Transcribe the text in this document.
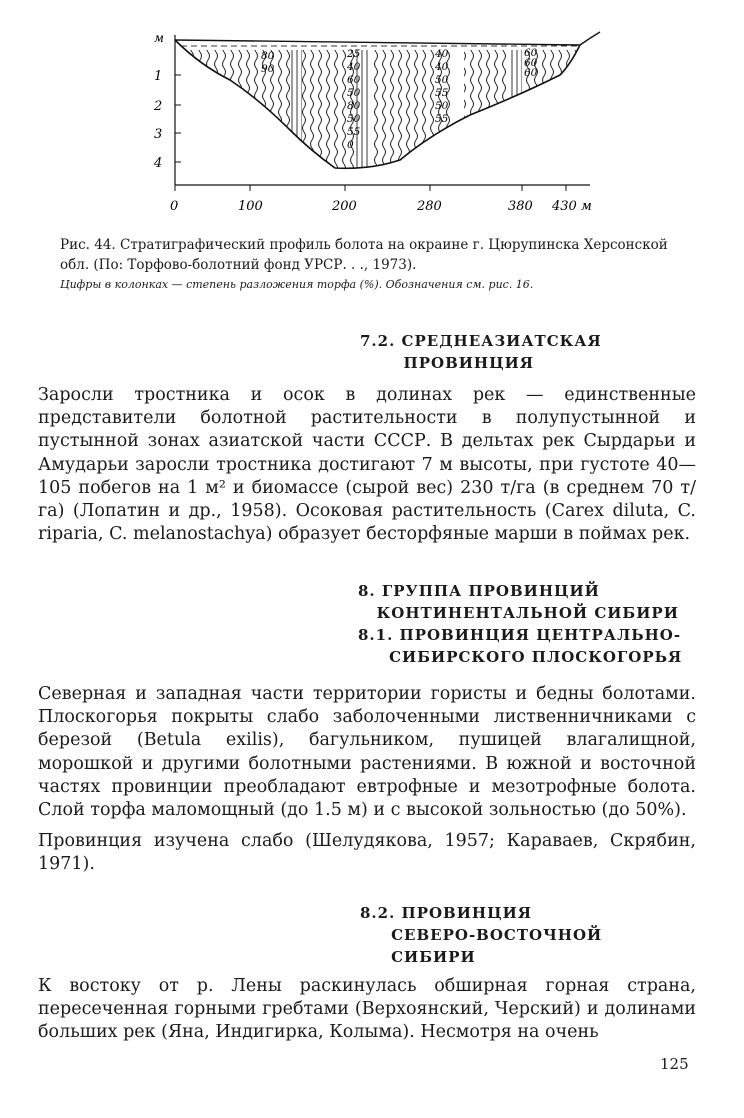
м
1
2
3
4
0	100	200	280	380 430 м
80
90
25
40
60
50
80
50
55
0
40
40
50
55
50
55
60
60
60
Рис. 44. Стратиграфический профиль болота на окраине г. Цюрупинска Херсонской обл. (По: Торфово-болотний фонд УРСР. . ., 1973).
Цифры в колонках — степень разложения торфа (%). Обозначения см. рис. 16.
7.2. СРЕДНЕАЗИАТСКАЯ
ПРОВИНЦИЯ
Заросли тростника и осок в долинах рек — единственные представители болотной растительности в полупустынной и пустынной зонах азиатской части СССР. В дельтах рек Сырдарьи и Амударьи заросли тростника достигают 7 м высоты, при густоте 40—105 побегов на 1 м² и биомассе (сырой вес) 230 т/га (в среднем 70 т/га) (Лопатин и др., 1958). Осоковая растительность (Carex diluta, C. riparia, C. melanostachya) образует бесторфяные марши в поймах рек.
8. ГРУППА ПРОВИНЦИЙ
КОНТИНЕНТАЛЬНОЙ СИБИРИ
8.1. ПРОВИНЦИЯ ЦЕНТРАЛЬНО-
СИБИРСКОГО ПЛОСКОГОРЬЯ
Северная и западная части территории гористы и бедны болотами. Плоскогорья покрыты слабо заболоченными лиственничниками с березой (Betula exilis), багульником, пушицей влагалищной, морошкой и другими болотными растениями. В южной и восточной частях провинции преобладают евтрофные и мезотрофные болота. Слой торфа маломощный (до 1.5 м) и с высокой зольностью (до 50%).
Провинция изучена слабо (Шелудякова, 1957; Караваев, Скрябин, 1971).
8.2. ПРОВИНЦИЯ
СЕВЕРО-ВОСТОЧНОЙ
СИБИРИ
К востоку от р. Лены раскинулась обширная горная страна, пересеченная горными гребтами (Верхоянский, Черский) и долинами больших рек (Яна, Индигирка, Колыма). Несмотря на очень
125
